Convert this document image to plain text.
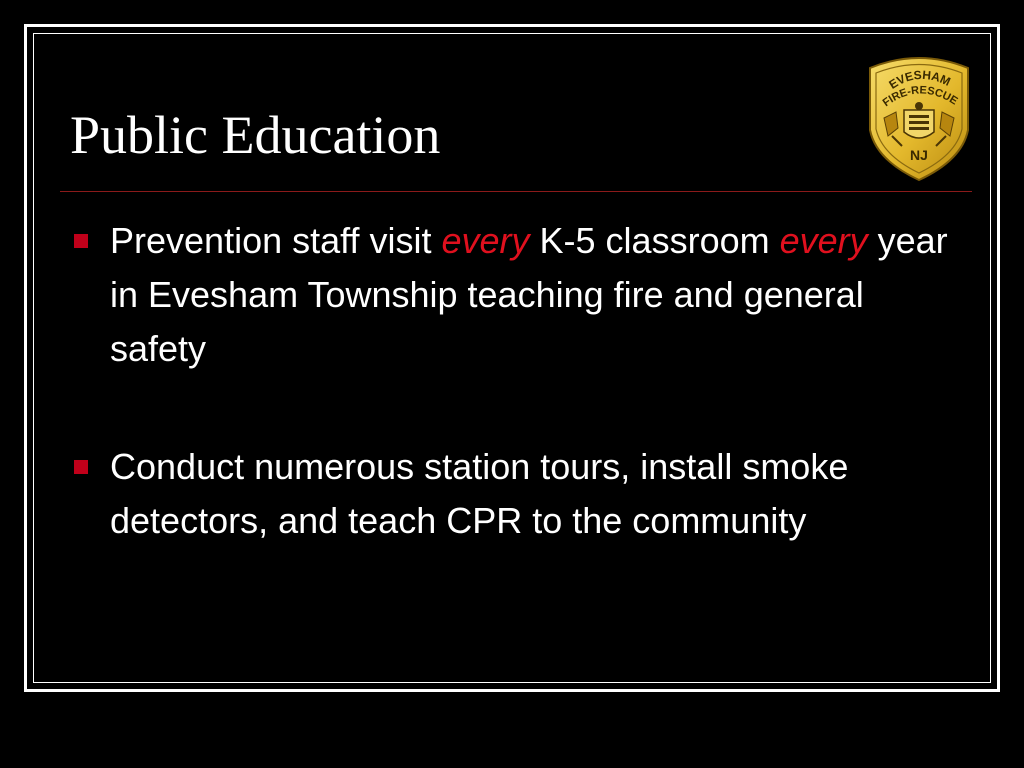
Public Education
EVESHAM
FIRE-RESCUE
NJ
Prevention staff visit every K-5 classroom every year in Evesham Township teaching fire and general safety
Conduct numerous station tours, install smoke detectors, and teach CPR to the community
